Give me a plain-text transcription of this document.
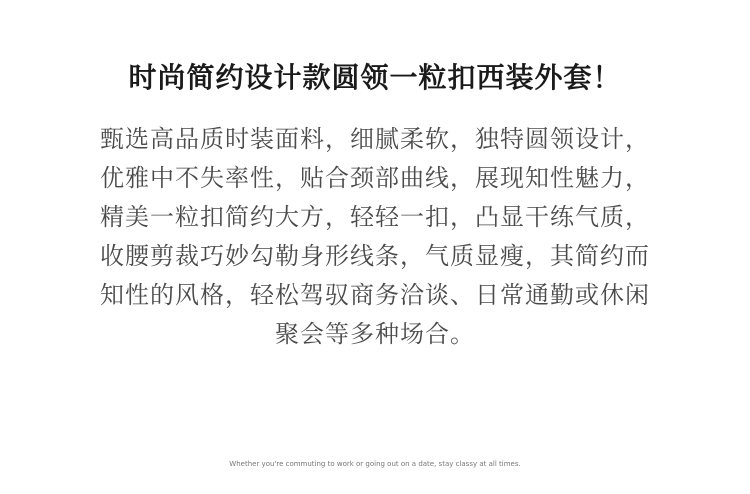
时尚简约设计款圆领一粒扣西装外套！
甄选高品质时装面料，细腻柔软，独特圆领设计，
优雅中不失率性，贴合颈部曲线，展现知性魅力，
精美一粒扣简约大方，轻轻一扣，凸显干练气质，
收腰剪裁巧妙勾勒身形线条，气质显瘦，其简约而
知性的风格，轻松驾驭商务洽谈、日常通勤或休闲
聚会等多种场合。
Whether you're commuting to work or going out on a date, stay classy at all times.
